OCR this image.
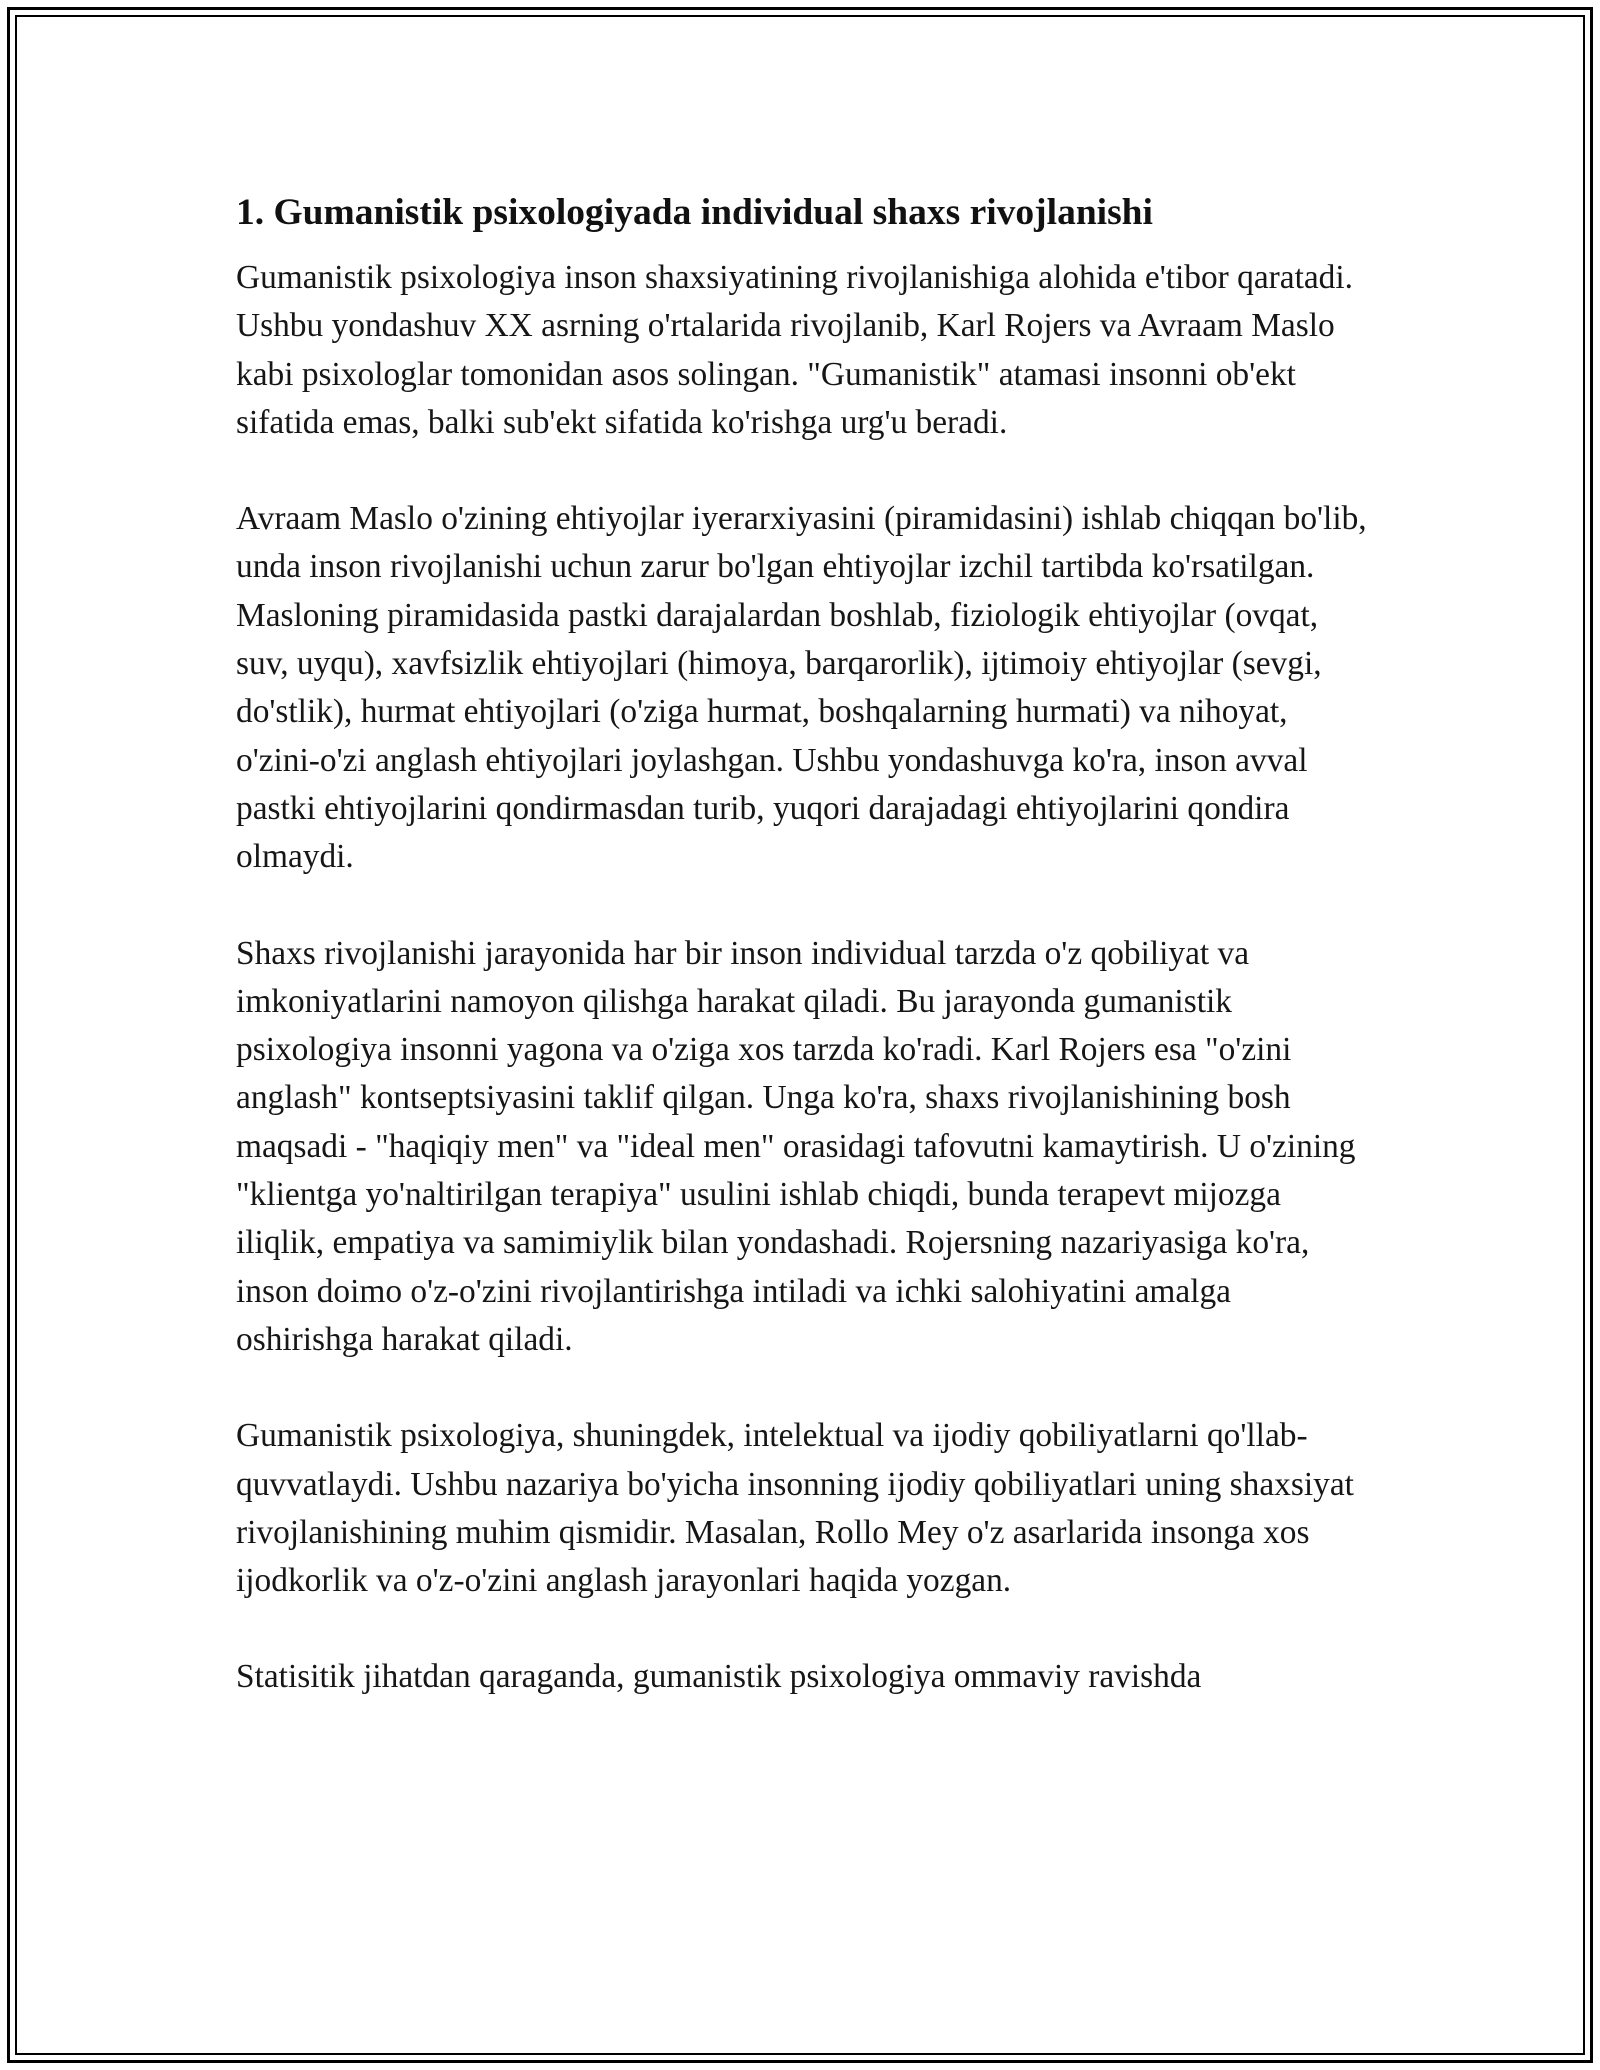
1. Gumanistik psixologiyada individual shaxs rivojlanishi

Gumanistik psixologiya inson shaxsiyatining rivojlanishiga alohida e'tibor qaratadi. Ushbu yondashuv XX asrning o'rtalarida rivojlanib, Karl Rojers va Avraam Maslo kabi psixologlar tomonidan asos solingan. "Gumanistik" atamasi insonni ob'ekt sifatida emas, balki sub'ekt sifatida ko'rishga urg'u beradi.

Avraam Maslo o'zining ehtiyojlar iyerarxiyasini (piramidasini) ishlab chiqqan bo'lib, unda inson rivojlanishi uchun zarur bo'lgan ehtiyojlar izchil tartibda ko'rsatilgan. Masloning piramidasida pastki darajalardan boshlab, fiziologik ehtiyojlar (ovqat, suv, uyqu), xavfsizlik ehtiyojlari (himoya, barqarorlik), ijtimoiy ehtiyojlar (sevgi, do'stlik), hurmat ehtiyojlari (o'ziga hurmat, boshqalarning hurmati) va nihoyat, o'zini-o'zi anglash ehtiyojlari joylashgan. Ushbu yondashuvga ko'ra, inson avval pastki ehtiyojlarini qondirmasdan turib, yuqori darajadagi ehtiyojlarini qondira olmaydi.

Shaxs rivojlanishi jarayonida har bir inson individual tarzda o'z qobiliyat va imkoniyatlarini namoyon qilishga harakat qiladi. Bu jarayonda gumanistik psixologiya insonni yagona va o'ziga xos tarzda ko'radi. Karl Rojers esa "o'zini anglash" kontseptsiyasini taklif qilgan. Unga ko'ra, shaxs rivojlanishining bosh maqsadi - "haqiqiy men" va "ideal men" orasidagi tafovutni kamaytirish. U o'zining "klientga yo'naltirilgan terapiya" usulini ishlab chiqdi, bunda terapevt mijozga iliqlik, empatiya va samimiylik bilan yondashadi. Rojersning nazariyasiga ko'ra, inson doimo o'z-o'zini rivojlantirishga intiladi va ichki salohiyatini amalga oshirishga harakat qiladi.

Gumanistik psixologiya, shuningdek, intelektual va ijodiy qobiliyatlarni qo'llab-quvvatlaydi. Ushbu nazariya bo'yicha insonning ijodiy qobiliyatlari uning shaxsiyat rivojlanishining muhim qismidir. Masalan, Rollo Mey o'z asarlarida insonga xos ijodkorlik va o'z-o'zini anglash jarayonlari haqida yozgan.

Statisitik jihatdan qaraganda, gumanistik psixologiya ommaviy ravishda
